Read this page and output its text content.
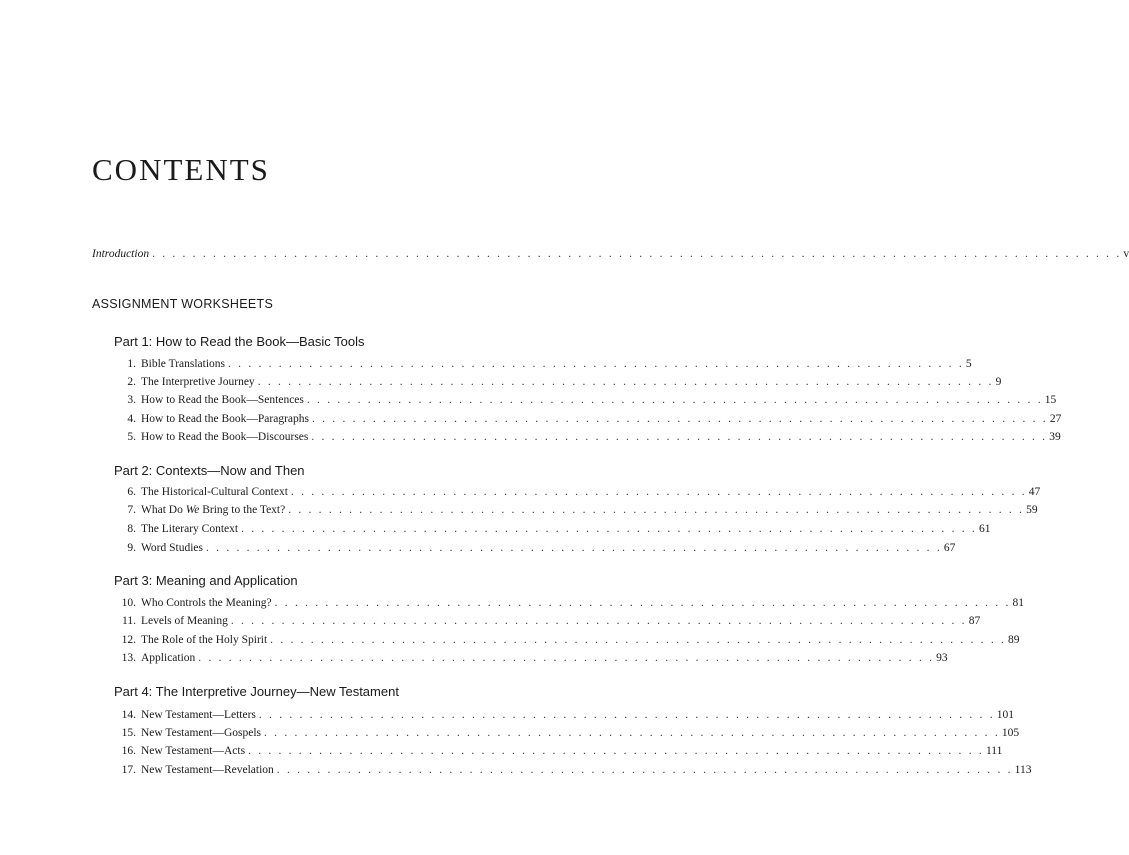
CONTENTS
Introduction . . . . . . . . . . . . . . . . . . . . . . . . . . . . . . . . . . . . . . . . . . . . . . . . . . . . . . . . . . . . . . . . . . . . . . . . . . . . . . . . . . . . . . . . . . . . . . . . v
ASSIGNMENT WORKSHEETS
Part 1: How to Read the Book—Basic Tools
1. Bible Translations . . . . . . . . . . . . . . . . . . . . . . . . . . . . . . . . . . . . . . . . . . . . . . . . . . . . . . . . . . . . . . . . . . . . . . . . . 5
2. The Interpretive Journey . . . . . . . . . . . . . . . . . . . . . . . . . . . . . . . . . . . . . . . . . . . . . . . . . . . . . . . . . . . . . . . . . . . . . . . . . 9
3. How to Read the Book—Sentences . . . . . . . . . . . . . . . . . . . . . . . . . . . . . . . . . . . . . . . . . . . . . . . . . . . . . . . . . . . . . . . . . . . . . . . . . 15
4. How to Read the Book—Paragraphs . . . . . . . . . . . . . . . . . . . . . . . . . . . . . . . . . . . . . . . . . . . . . . . . . . . . . . . . . . . . . . . . . . . . . . . . . 27
5. How to Read the Book—Discourses . . . . . . . . . . . . . . . . . . . . . . . . . . . . . . . . . . . . . . . . . . . . . . . . . . . . . . . . . . . . . . . . . . . . . . . . . 39
Part 2: Contexts—Now and Then
6. The Historical-Cultural Context . . . . . . . . . . . . . . . . . . . . . . . . . . . . . . . . . . . . . . . . . . . . . . . . . . . . . . . . . . . . . . . . . . . . . . . . . 47
7. What Do We Bring to the Text? . . . . . . . . . . . . . . . . . . . . . . . . . . . . . . . . . . . . . . . . . . . . . . . . . . . . . . . . . . . . . . . . . . . . . . . . . 59
8. The Literary Context . . . . . . . . . . . . . . . . . . . . . . . . . . . . . . . . . . . . . . . . . . . . . . . . . . . . . . . . . . . . . . . . . . . . . . . . . 61
9. Word Studies . . . . . . . . . . . . . . . . . . . . . . . . . . . . . . . . . . . . . . . . . . . . . . . . . . . . . . . . . . . . . . . . . . . . . . . . . 67
Part 3: Meaning and Application
10. Who Controls the Meaning? . . . . . . . . . . . . . . . . . . . . . . . . . . . . . . . . . . . . . . . . . . . . . . . . . . . . . . . . . . . . . . . . . . . . . . . . . 81
11. Levels of Meaning . . . . . . . . . . . . . . . . . . . . . . . . . . . . . . . . . . . . . . . . . . . . . . . . . . . . . . . . . . . . . . . . . . . . . . . . . 87
12. The Role of the Holy Spirit . . . . . . . . . . . . . . . . . . . . . . . . . . . . . . . . . . . . . . . . . . . . . . . . . . . . . . . . . . . . . . . . . . . . . . . . . 89
13. Application . . . . . . . . . . . . . . . . . . . . . . . . . . . . . . . . . . . . . . . . . . . . . . . . . . . . . . . . . . . . . . . . . . . . . . . . . 93
Part 4: The Interpretive Journey—New Testament
14. New Testament—Letters . . . . . . . . . . . . . . . . . . . . . . . . . . . . . . . . . . . . . . . . . . . . . . . . . . . . . . . . . . . . . . . . . . . . . . . . . 101
15. New Testament—Gospels . . . . . . . . . . . . . . . . . . . . . . . . . . . . . . . . . . . . . . . . . . . . . . . . . . . . . . . . . . . . . . . . . . . . . . . . . 105
16. New Testament—Acts . . . . . . . . . . . . . . . . . . . . . . . . . . . . . . . . . . . . . . . . . . . . . . . . . . . . . . . . . . . . . . . . . . . . . . . . . 111
17. New Testament—Revelation . . . . . . . . . . . . . . . . . . . . . . . . . . . . . . . . . . . . . . . . . . . . . . . . . . . . . . . . . . . . . . . . . . . . . . . . . 113
